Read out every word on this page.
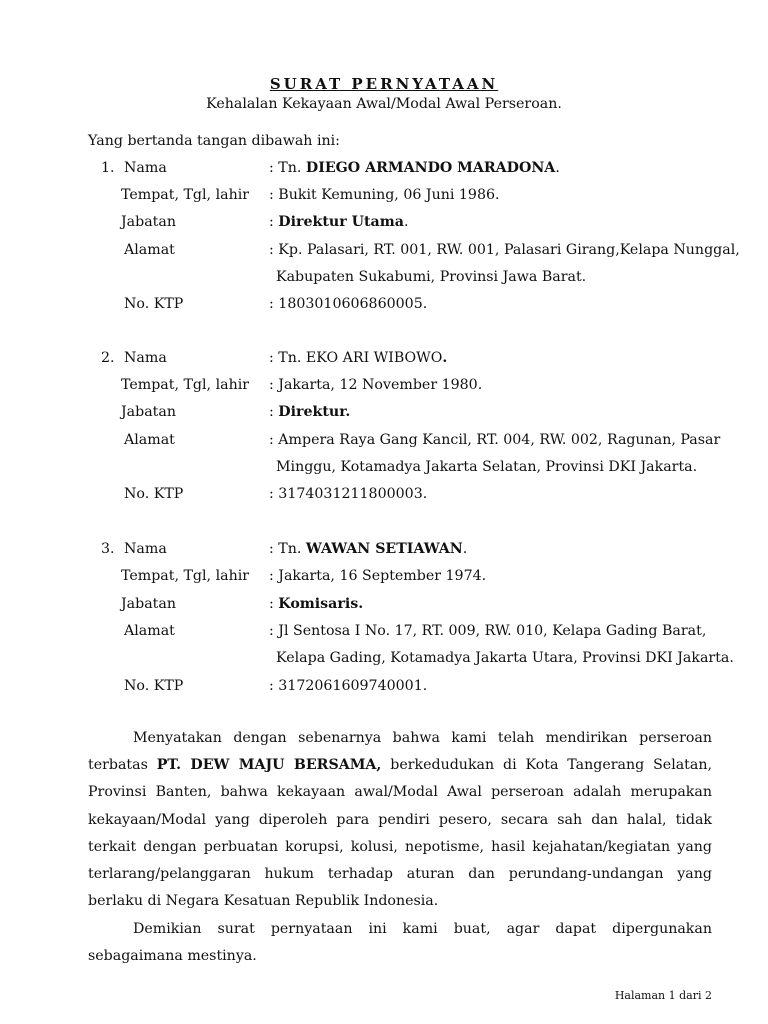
SURAT PERNYATAAN
Kehalalan Kekayaan Awal/Modal Awal Perseroan.
Yang bertanda tangan dibawah ini:
1. Nama	: Tn. DIEGO ARMANDO MARADONA.
Tempat, Tgl, lahir : Bukit Kemuning, 06 Juni 1986.
Jabatan	: Direktur Utama.
Alamat	: Kp. Palasari, RT. 001, RW. 001, Palasari Girang,Kelapa Nunggal,
Kabupaten Sukabumi, Provinsi Jawa Barat.
No. KTP	: 1803010606860005.
2. Nama	: Tn. EKO ARI WIBOWO.
Tempat, Tgl, lahir : Jakarta, 12 November 1980.
Jabatan	: Direktur.
Alamat	: Ampera Raya Gang Kancil, RT. 004, RW. 002, Ragunan, Pasar
Minggu, Kotamadya Jakarta Selatan, Provinsi DKI Jakarta.
No. KTP	: 3174031211800003.
3. Nama	: Tn. WAWAN SETIAWAN.
Tempat, Tgl, lahir : Jakarta, 16 September 1974.
Jabatan	: Komisaris.
Alamat	: Jl Sentosa I No. 17, RT. 009, RW. 010, Kelapa Gading Barat,
Kelapa Gading, Kotamadya Jakarta Utara, Provinsi DKI Jakarta.
No. KTP	: 3172061609740001.

Menyatakan dengan sebenarnya bahwa kami telah mendirikan perseroan terbatas PT. DEW MAJU BERSAMA, berkedudukan di Kota Tangerang Selatan, Provinsi Banten, bahwa kekayaan awal/Modal Awal perseroan adalah merupakan kekayaan/Modal yang diperoleh para pendiri pesero, secara sah dan halal, tidak terkait dengan perbuatan korupsi, kolusi, nepotisme, hasil kejahatan/kegiatan yang terlarang/pelanggaran hukum terhadap aturan dan perundang-undangan yang berlaku di Negara Kesatuan Republik Indonesia.

Demikian surat pernyataan ini kami buat, agar dapat dipergunakan sebagaimana mestinya.

Halaman 1 dari 2
